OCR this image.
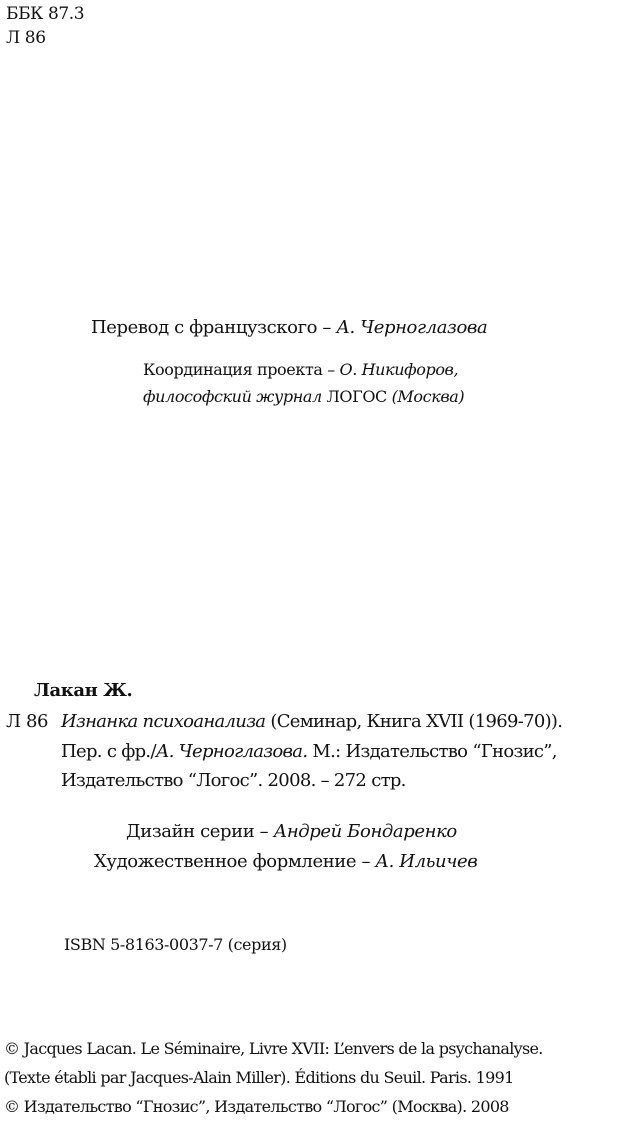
ББК 87.3
Л 86
Перевод с французского – А. Черноглазова
Координация проекта – О. Никифоров,
философский журнал ЛОГОС (Москва)
Лакан Ж.
Л 86 Изнанка психоанализа (Семинар, Книга XVII (1969-70)).
Пер. с фр./А. Черноглазова. М.: Издательство “Гнозис”,
Издательство “Логос”. 2008. – 272 стр.
Дизайн серии – Андрей Бондаренко
Художественное формление – А. Ильичев
ISBN 5-8163-0037-7 (серия)
© Jacques Lacan. Le Séminaire, Livre XVII: L’envers de la psychanalyse.
(Texte établi par Jacques-Alain Miller). Éditions du Seuil. Paris. 1991
© Издательство “Гнозис”, Издательство “Логос” (Москва). 2008
